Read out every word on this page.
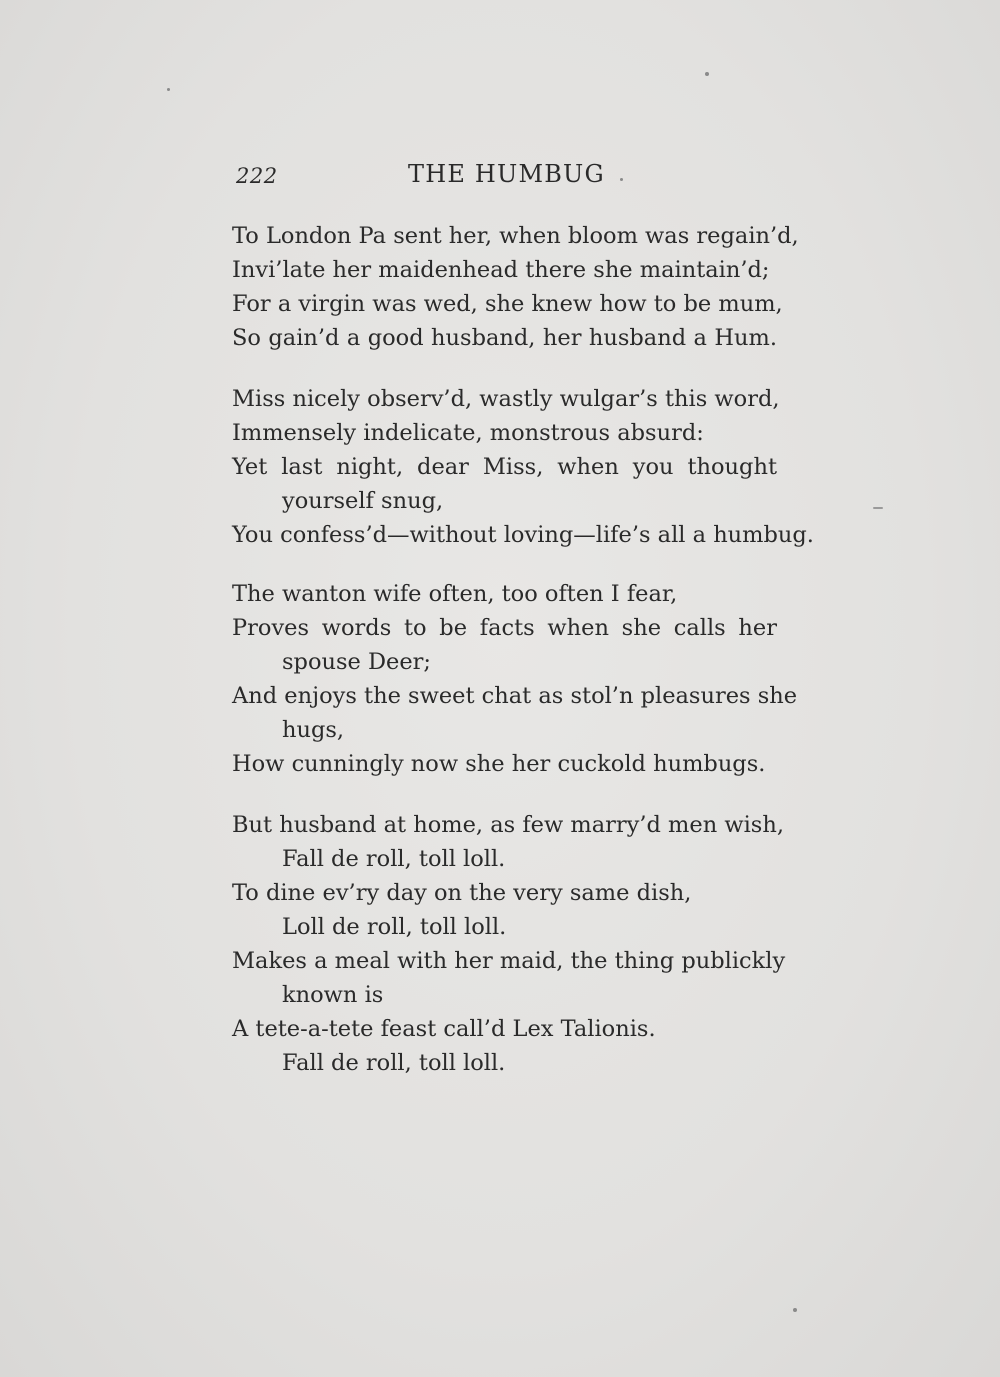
222	THE HUMBUG
To London Pa sent her, when bloom was regain’d,
Invi’late her maidenhead there she maintain’d;
For a virgin was wed, she knew how to be mum,
So gain’d a good husband, her husband a Hum.
Miss nicely observ’d, wastly wulgar’s this word,
Immensely indelicate, monstrous absurd:
Yet last night, dear Miss, when you thought
yourself snug,
You confess’d—without loving—life’s all a humbug.
The wanton wife often, too often I fear,
Proves words to be facts when she calls her
spouse Deer;
And enjoys the sweet chat as stol’n pleasures she
hugs,
How cunningly now she her cuckold humbugs.
But husband at home, as few marry’d men wish,
Fall de roll, toll loll.
To dine ev’ry day on the very same dish,
Loll de roll, toll loll.
Makes a meal with her maid, the thing publickly
known is
A tete-a-tete feast call’d Lex Talionis.
Fall de roll, toll loll.
